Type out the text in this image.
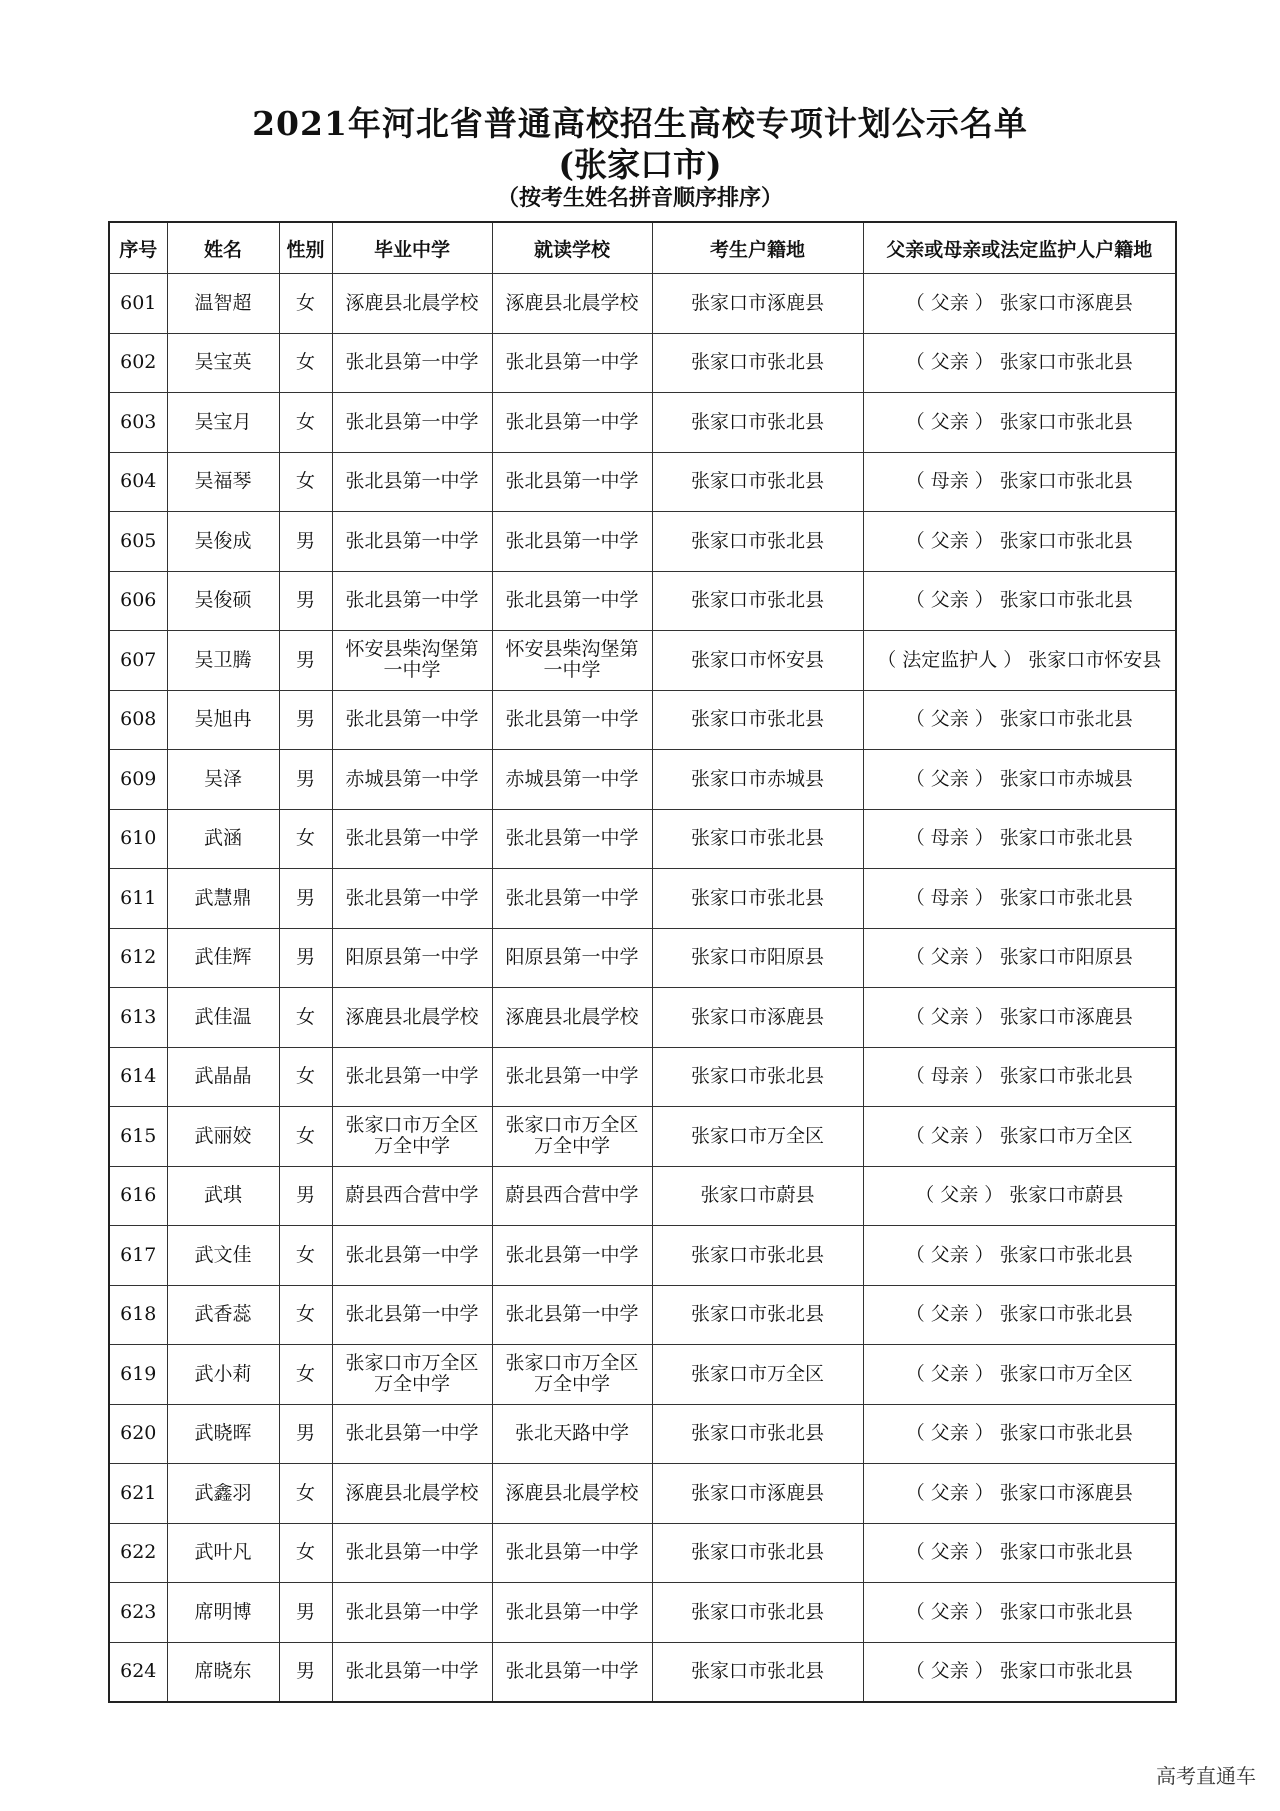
2021年河北省普通高校招生高校专项计划公示名单
(张家口市)
（按考生姓名拼音顺序排序）
序号	姓名	性别	毕业中学	就读学校	考生户籍地	父亲或母亲或法定监护人户籍地
601	温智超	女	涿鹿县北晨学校	涿鹿县北晨学校	张家口市涿鹿县	（ 父亲 ） 张家口市涿鹿县
602	吴宝英	女	张北县第一中学	张北县第一中学	张家口市张北县	（ 父亲 ） 张家口市张北县
603	吴宝月	女	张北县第一中学	张北县第一中学	张家口市张北县	（ 父亲 ） 张家口市张北县
604	吴福琴	女	张北县第一中学	张北县第一中学	张家口市张北县	（ 母亲 ） 张家口市张北县
605	吴俊成	男	张北县第一中学	张北县第一中学	张家口市张北县	（ 父亲 ） 张家口市张北县
606	吴俊硕	男	张北县第一中学	张北县第一中学	张家口市张北县	（ 父亲 ） 张家口市张北县
607	吴卫腾	男	怀安县柴沟堡第一中学	怀安县柴沟堡第一中学	张家口市怀安县	（ 法定监护人 ） 张家口市怀安县
608	吴旭冉	男	张北县第一中学	张北县第一中学	张家口市张北县	（ 父亲 ） 张家口市张北县
609	吴泽	男	赤城县第一中学	赤城县第一中学	张家口市赤城县	（ 父亲 ） 张家口市赤城县
610	武涵	女	张北县第一中学	张北县第一中学	张家口市张北县	（ 母亲 ） 张家口市张北县
611	武慧鼎	男	张北县第一中学	张北县第一中学	张家口市张北县	（ 母亲 ） 张家口市张北县
612	武佳辉	男	阳原县第一中学	阳原县第一中学	张家口市阳原县	（ 父亲 ） 张家口市阳原县
613	武佳温	女	涿鹿县北晨学校	涿鹿县北晨学校	张家口市涿鹿县	（ 父亲 ） 张家口市涿鹿县
614	武晶晶	女	张北县第一中学	张北县第一中学	张家口市张北县	（ 母亲 ） 张家口市张北县
615	武丽姣	女	张家口市万全区万全中学	张家口市万全区万全中学	张家口市万全区	（ 父亲 ） 张家口市万全区
616	武琪	男	蔚县西合营中学	蔚县西合营中学	张家口市蔚县	（ 父亲 ） 张家口市蔚县
617	武文佳	女	张北县第一中学	张北县第一中学	张家口市张北县	（ 父亲 ） 张家口市张北县
618	武香蕊	女	张北县第一中学	张北县第一中学	张家口市张北县	（ 父亲 ） 张家口市张北县
619	武小莉	女	张家口市万全区万全中学	张家口市万全区万全中学	张家口市万全区	（ 父亲 ） 张家口市万全区
620	武晓晖	男	张北县第一中学	张北天路中学	张家口市张北县	（ 父亲 ） 张家口市张北县
621	武鑫羽	女	涿鹿县北晨学校	涿鹿县北晨学校	张家口市涿鹿县	（ 父亲 ） 张家口市涿鹿县
622	武叶凡	女	张北县第一中学	张北县第一中学	张家口市张北县	（ 父亲 ） 张家口市张北县
623	席明博	男	张北县第一中学	张北县第一中学	张家口市张北县	（ 父亲 ） 张家口市张北县
624	席晓东	男	张北县第一中学	张北县第一中学	张家口市张北县	（ 父亲 ） 张家口市张北县
高考直通车
